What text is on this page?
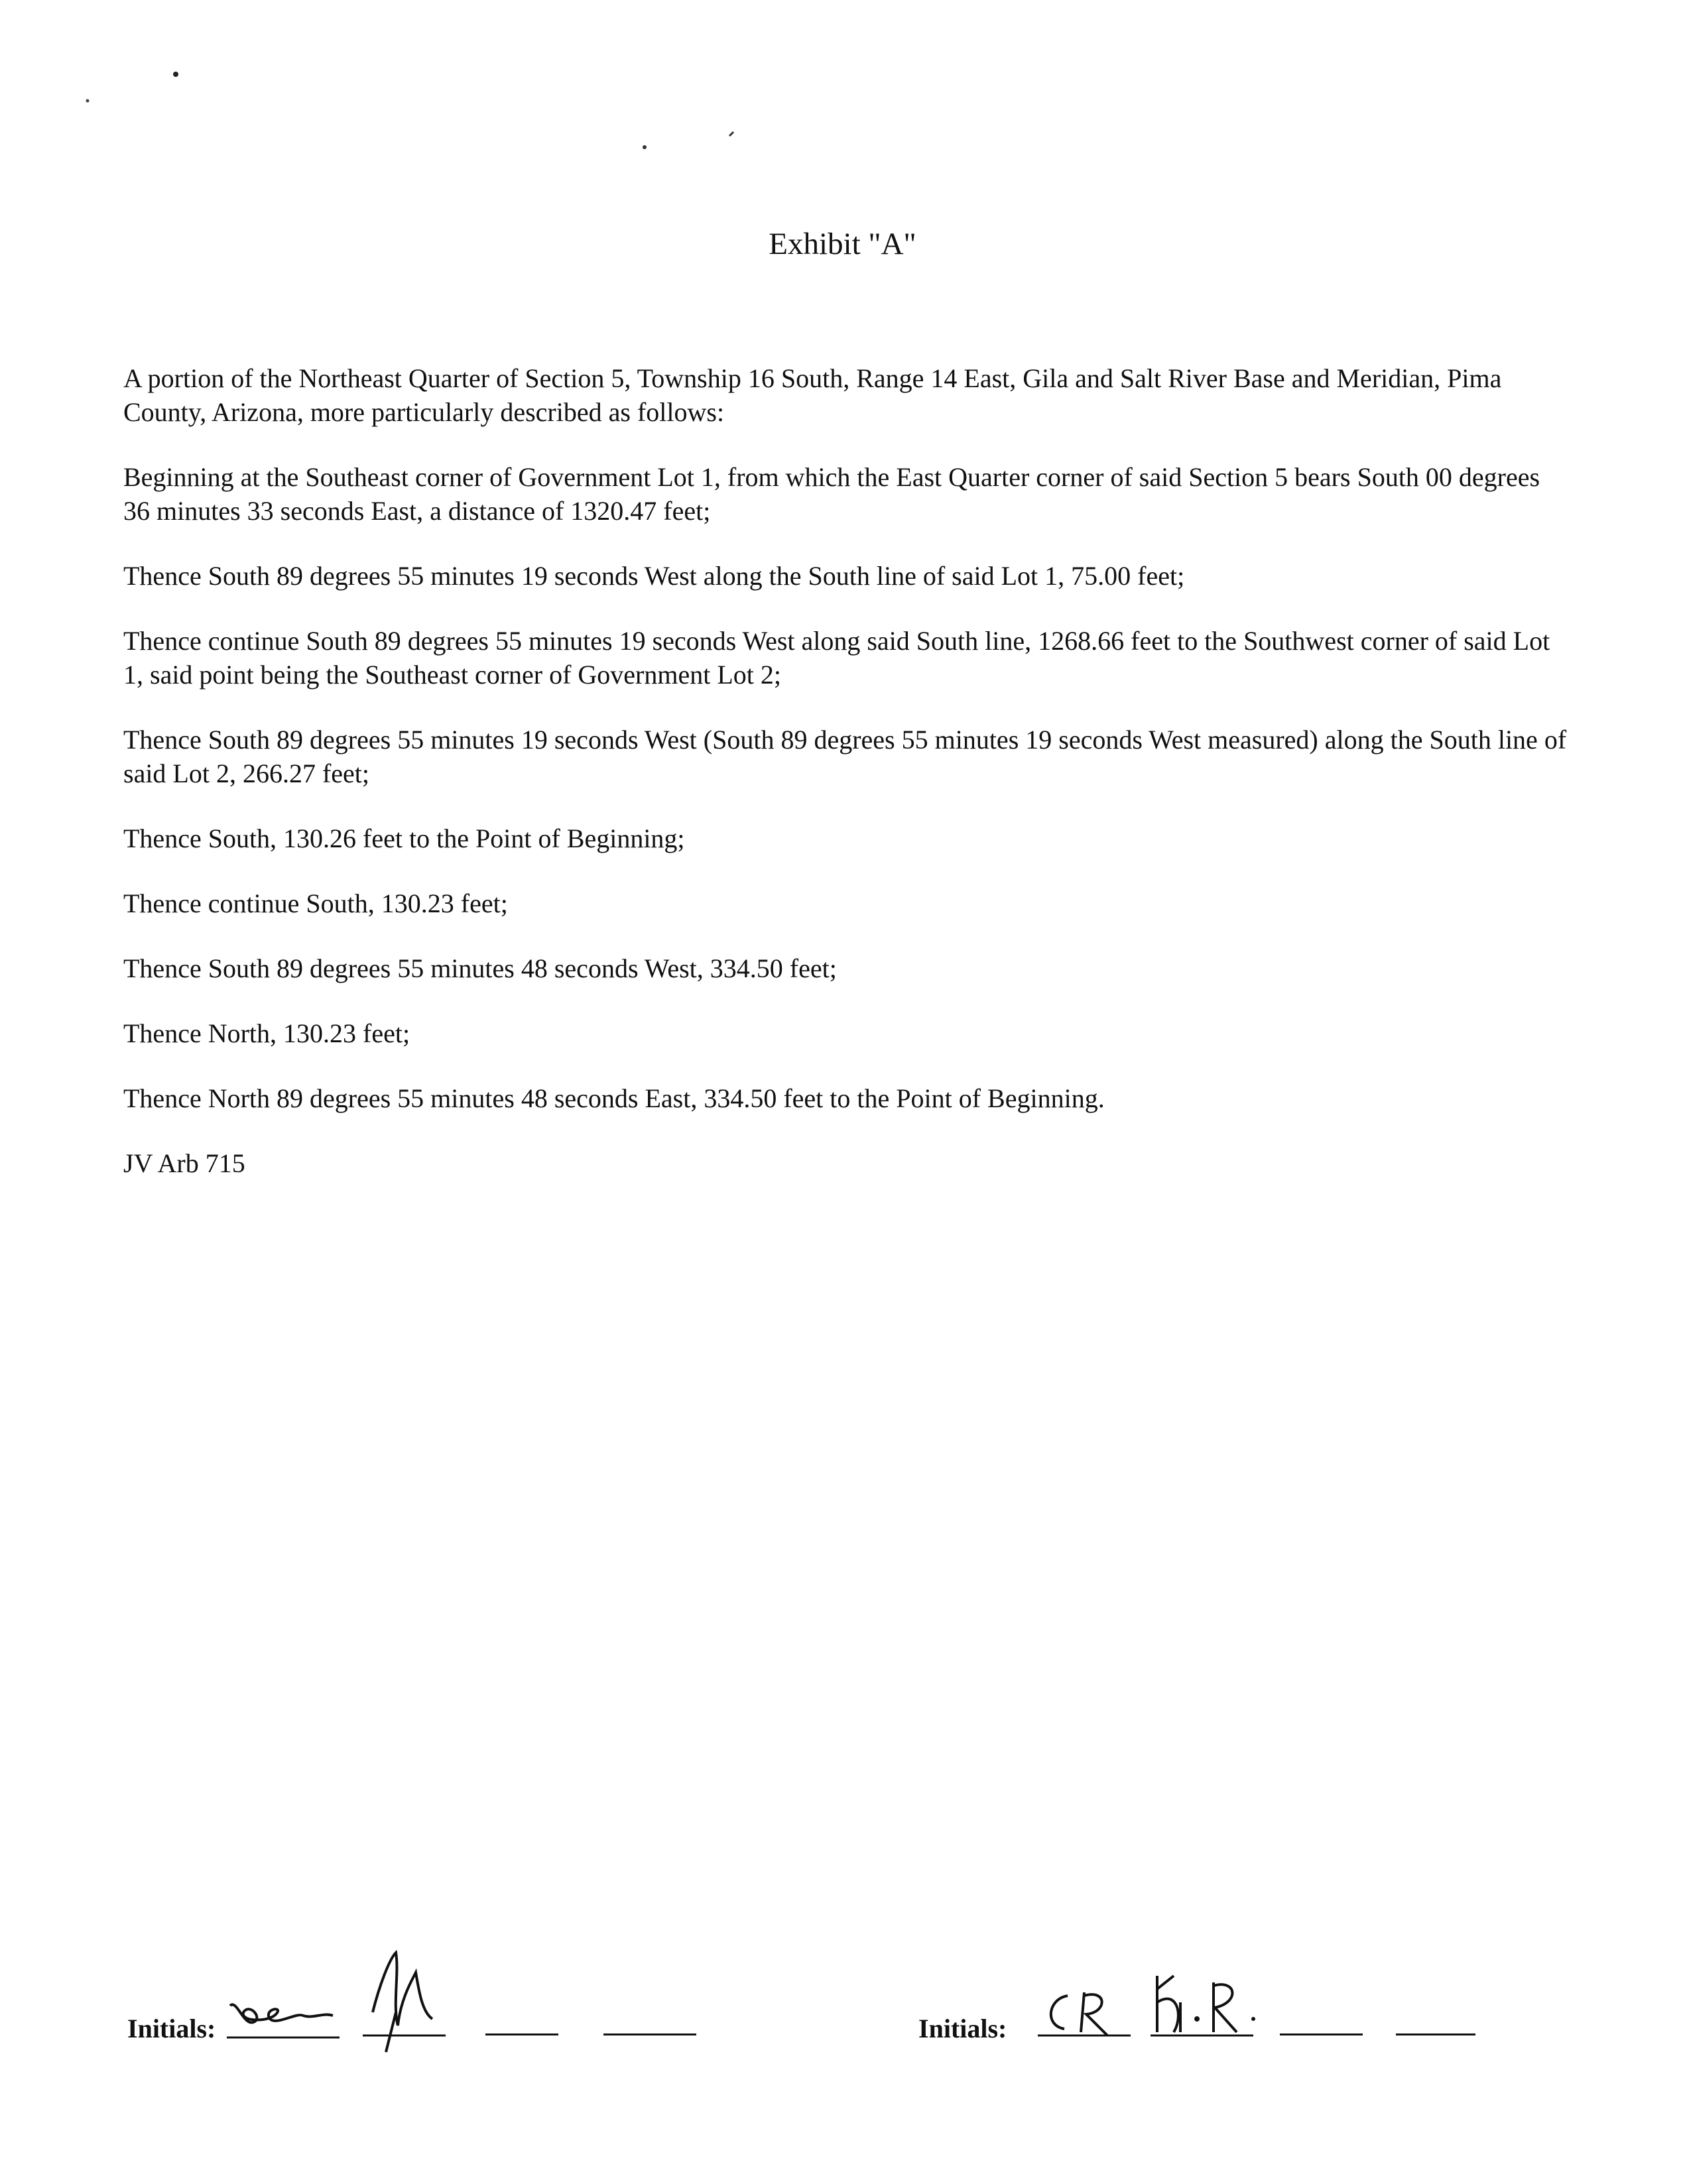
Exhibit "A"

A portion of the Northeast Quarter of Section 5, Township 16 South, Range 14 East, Gila and Salt River Base and Meridian, Pima County, Arizona, more particularly described as follows:

Beginning at the Southeast corner of Government Lot 1, from which the East Quarter corner of said Section 5 bears South 00 degrees 36 minutes 33 seconds East, a distance of 1320.47 feet;

Thence South 89 degrees 55 minutes 19 seconds West along the South line of said Lot 1, 75.00 feet;

Thence continue South 89 degrees 55 minutes 19 seconds West along said South line, 1268.66 feet to the Southwest corner of said Lot 1, said point being the Southeast corner of Government Lot 2;

Thence South 89 degrees 55 minutes 19 seconds West (South 89 degrees 55 minutes 19 seconds West measured) along the South line of said Lot 2, 266.27 feet;

Thence South, 130.26 feet to the Point of Beginning;

Thence continue South, 130.23 feet;

Thence South 89 degrees 55 minutes 48 seconds West, 334.50 feet;

Thence North, 130.23 feet;

Thence North 89 degrees 55 minutes 48 seconds East, 334.50 feet to the Point of Beginning.

JV Arb 715

Initials:	Initials:
